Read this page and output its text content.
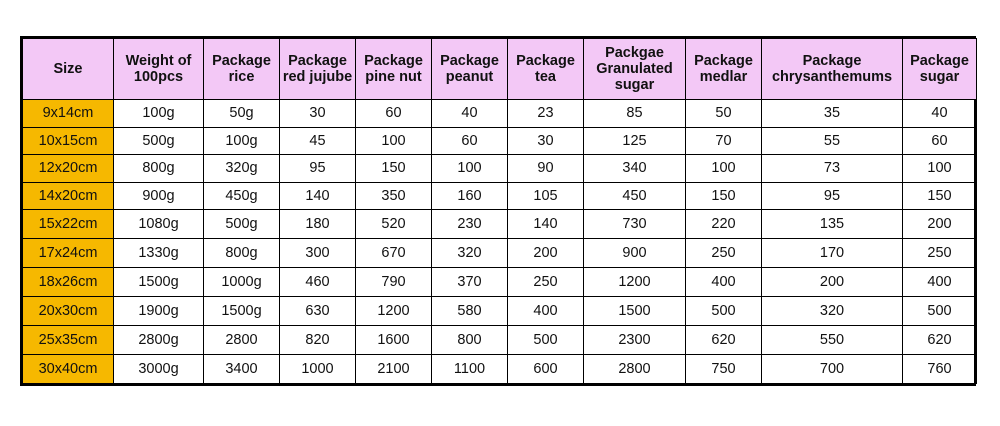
Size	Weight of 100pcs	Package rice	Package red jujube	Package pine nut	Package peanut	Package tea	Packgae Granulated sugar	Package medlar	Package chrysanthemums	Package sugar
9x14cm	100g	50g	30	60	40	23	85	50	35	40
10x15cm	500g	100g	45	100	60	30	125	70	55	60
12x20cm	800g	320g	95	150	100	90	340	100	73	100
14x20cm	900g	450g	140	350	160	105	450	150	95	150
15x22cm	1080g	500g	180	520	230	140	730	220	135	200
17x24cm	1330g	800g	300	670	320	200	900	250	170	250
18x26cm	1500g	1000g	460	790	370	250	1200	400	200	400
20x30cm	1900g	1500g	630	1200	580	400	1500	500	320	500
25x35cm	2800g	2800	820	1600	800	500	2300	620	550	620
30x40cm	3000g	3400	1000	2100	1100	600	2800	750	700	760
